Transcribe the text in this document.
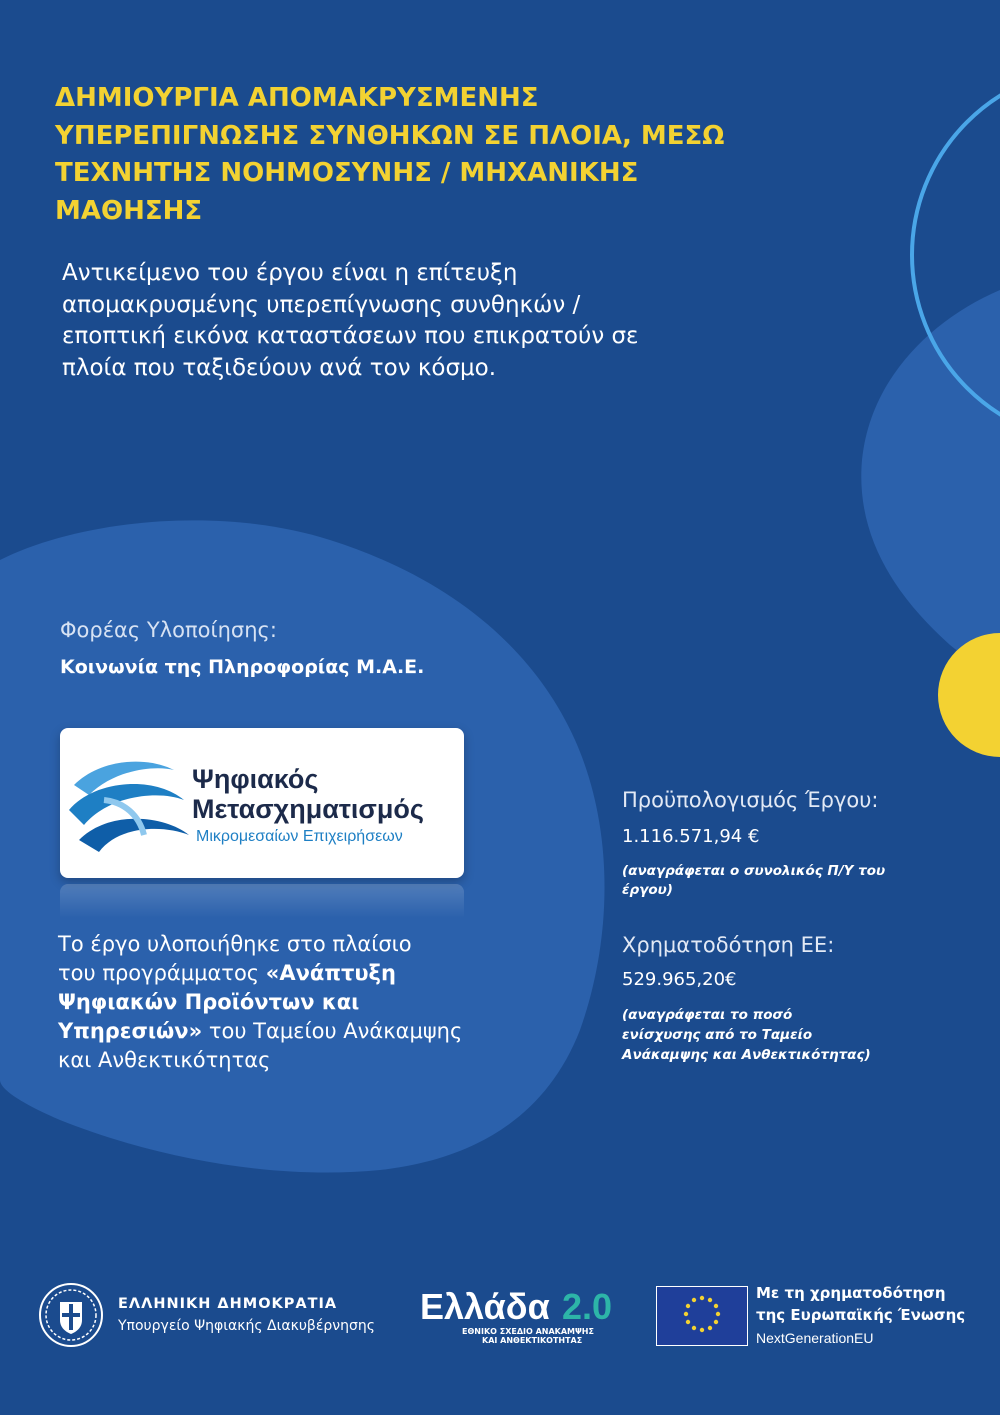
ΔΗΜΙΟΥΡΓΙΑ ΑΠΟΜΑΚΡΥΣΜΕΝΗΣ
ΥΠΕΡΕΠΙΓΝΩΣΗΣ ΣΥΝΘΗΚΩΝ ΣΕ ΠΛΟΙΑ, ΜΕΣΩ
ΤΕΧΝΗΤΗΣ ΝΟΗΜΟΣΥΝΗΣ / ΜΗΧΑΝΙΚΗΣ
ΜΑΘΗΣΗΣ
Αντικείμενο του έργου είναι η επίτευξη
απομακρυσμένης υπερεπίγνωσης συνθηκών /
εποπτική εικόνα καταστάσεων που επικρατούν σε
πλοία που ταξιδεύουν ανά τον κόσμο.
Φορέας Υλοποίησης:
Κοινωνία της Πληροφορίας Μ.Α.Ε.
Ψηφιακός
Μετασχηματισμός
Μικρομεσαίων Επιχειρήσεων
Το έργο υλοποιήθηκε στο πλαίσιο
του προγράμματος «Ανάπτυξη
Ψηφιακών Προϊόντων και
Υπηρεσιών» του Ταμείου Ανάκαμψης
και Ανθεκτικότητας
Προϋπολογισμός Έργου:
1.116.571,94 €
(αναγράφεται ο συνολικός Π/Υ του
έργου)
Χρηματοδότηση ΕΕ:
529.965,20€
(αναγράφεται το ποσό
ενίσχυσης από το Ταμείο
Ανάκαμψης και Ανθεκτικότητας)
ΕΛΛΗΝΙΚΗ ΔΗΜΟΚΡΑΤΙΑ
Υπουργείο Ψηφιακής Διακυβέρνησης Ελλάδα 2.0
ΕΘΝΙΚΟ ΣΧΕΔΙΟ ΑΝΑΚΑΜΨΗΣ
ΚΑΙ ΑΝΘΕΚΤΙΚΟΤΗΤΑΣ
Με τη χρηματοδότηση
της Ευρωπαϊκής Ένωσης
NextGenerationEU
